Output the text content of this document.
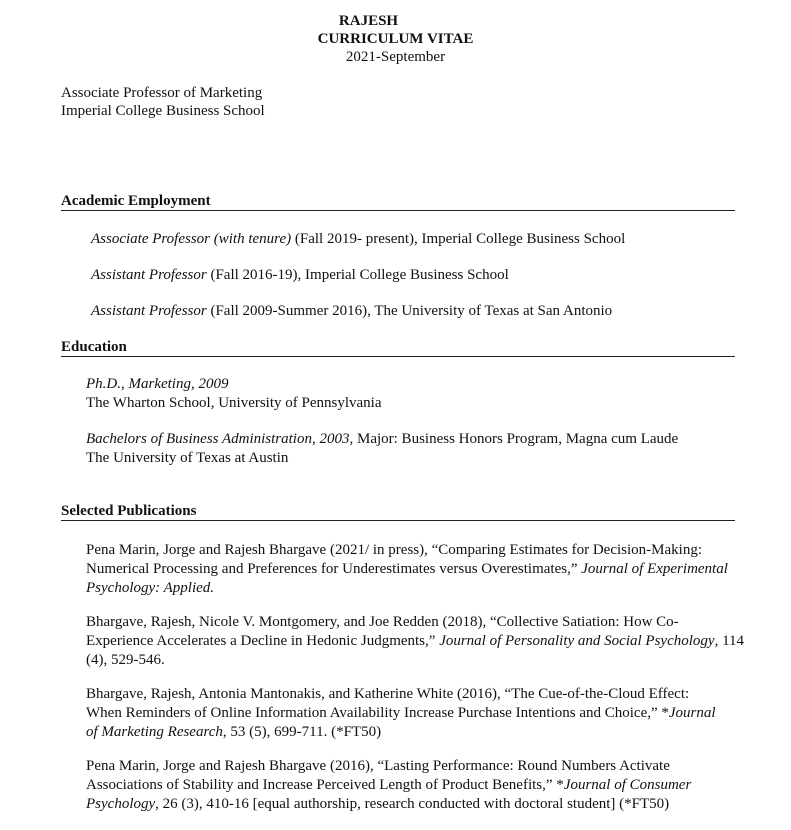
RAJESH
CURRICULUM VITAE
2021-September
Associate Professor of Marketing
Imperial College Business School
Academic Employment
Associate Professor (with tenure) (Fall 2019- present), Imperial College Business School
Assistant Professor (Fall 2016-19), Imperial College Business School
Assistant Professor (Fall 2009-Summer 2016), The University of Texas at San Antonio
Education
Ph.D., Marketing, 2009
The Wharton School, University of Pennsylvania
Bachelors of Business Administration, 2003, Major: Business Honors Program, Magna cum Laude
The University of Texas at Austin
Selected Publications
Pena Marin, Jorge and Rajesh Bhargave (2021/ in press), “Comparing Estimates for Decision-Making:
Numerical Processing and Preferences for Underestimates versus Overestimates,” Journal of Experimental
Psychology: Applied.
Bhargave, Rajesh, Nicole V. Montgomery, and Joe Redden (2018), “Collective Satiation: How Co-
Experience Accelerates a Decline in Hedonic Judgments,” Journal of Personality and Social Psychology, 114
(4), 529-546.
Bhargave, Rajesh, Antonia Mantonakis, and Katherine White (2016), “The Cue-of-the-Cloud Effect:
When Reminders of Online Information Availability Increase Purchase Intentions and Choice,” *Journal
of Marketing Research, 53 (5), 699-711. (*FT50)
Pena Marin, Jorge and Rajesh Bhargave (2016), “Lasting Performance: Round Numbers Activate
Associations of Stability and Increase Perceived Length of Product Benefits,” *Journal of Consumer
Psychology, 26 (3), 410-16 [equal authorship, research conducted with doctoral student] (*FT50)
